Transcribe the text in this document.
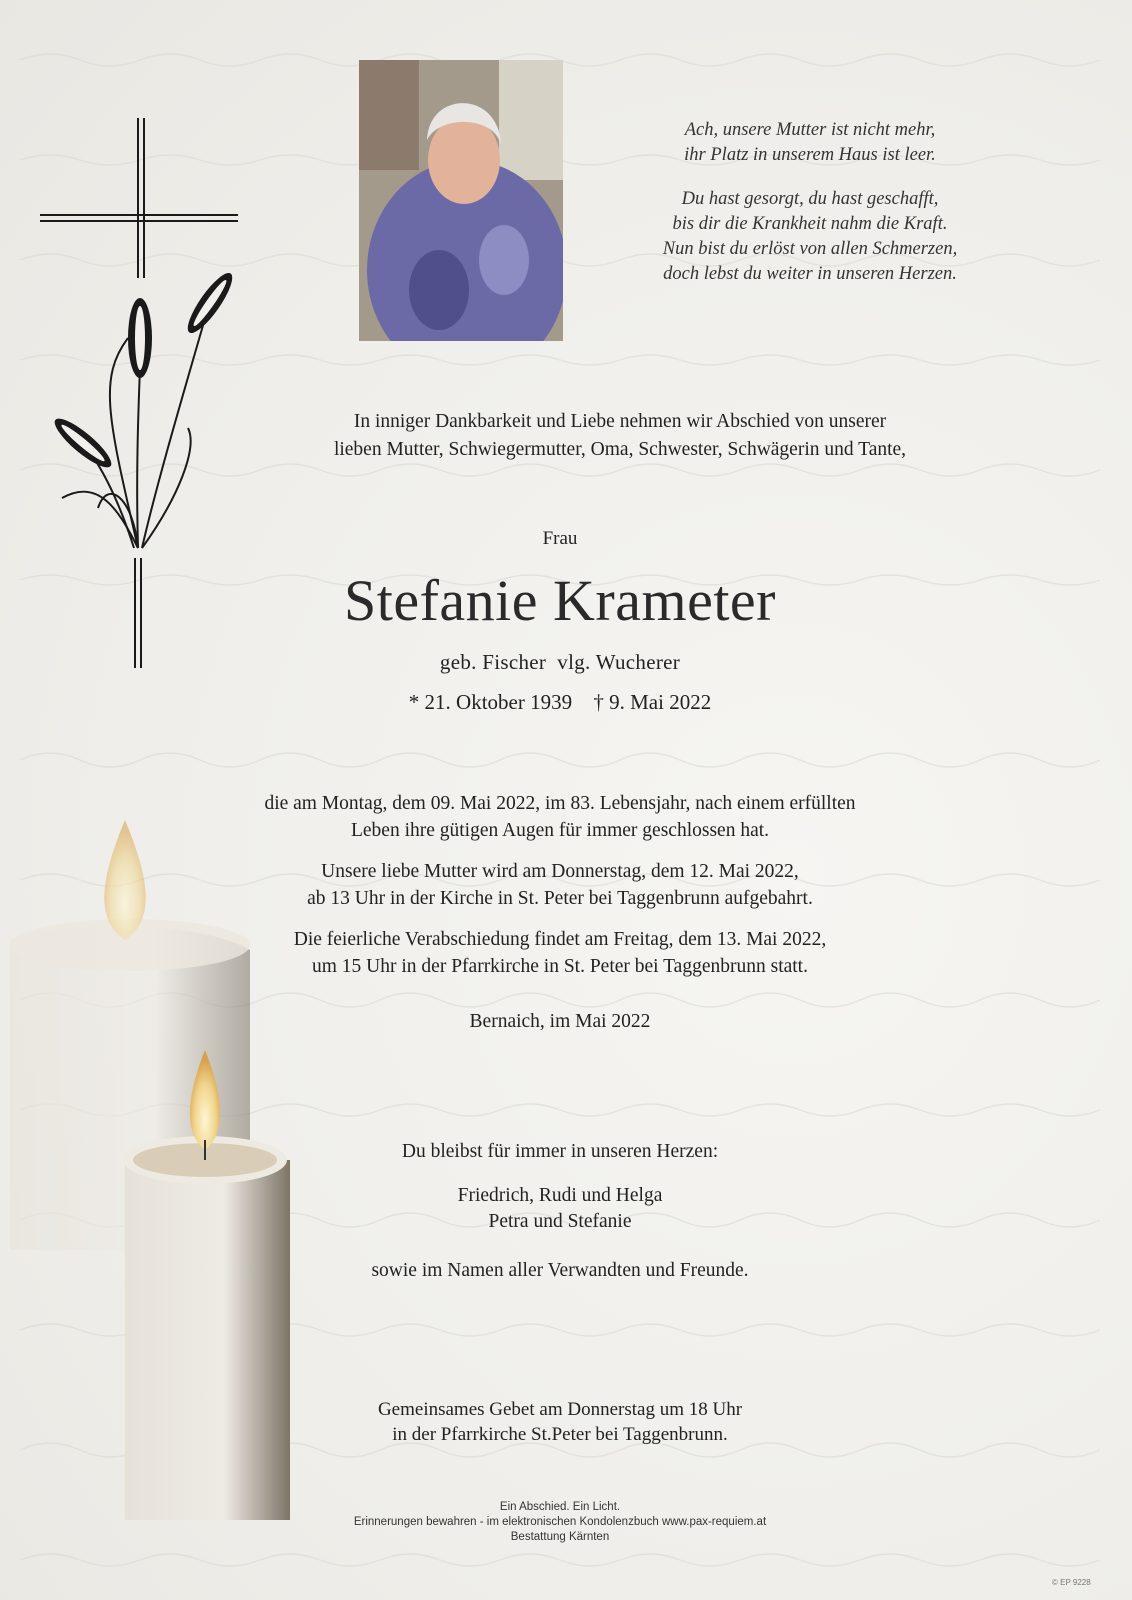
Ach, unsere Mutter ist nicht mehr,
ihr Platz in unserem Haus ist leer.

Du hast gesorgt, du hast geschafft,
bis dir die Krankheit nahm die Kraft.
Nun bist du erlöst von allen Schmerzen,
doch lebst du weiter in unseren Herzen.

In inniger Dankbarkeit und Liebe nehmen wir Abschied von unserer
lieben Mutter, Schwiegermutter, Oma, Schwester, Schwägerin und Tante,
Frau
Stefanie Krameter
geb. Fischer  vlg. Wucherer
* 21. Oktober 1939 † 9. Mai 2022

die am Montag, dem 09. Mai 2022, im 83. Lebensjahr, nach einem erfüllten
Leben ihre gütigen Augen für immer geschlossen hat.

Unsere liebe Mutter wird am Donnerstag, dem 12. Mai 2022,
ab 13 Uhr in der Kirche in St. Peter bei Taggenbrunn aufgebahrt.

Die feierliche Verabschiedung findet am Freitag, dem 13. Mai 2022,
um 15 Uhr in der Pfarrkirche in St. Peter bei Taggenbrunn statt.

Bernaich, im Mai 2022
Du bleibst für immer in unseren Herzen:
Friedrich, Rudi und Helga
Petra und Stefanie
sowie im Namen aller Verwandten und Freunde.
Gemeinsames Gebet am Donnerstag um 18 Uhr
in der Pfarrkirche St.Peter bei Taggenbrunn.
Ein Abschied. Ein Licht.
Erinnerungen bewahren - im elektronischen Kondolenzbuch www.pax-requiem.at
Bestattung Kärnten
© EP 9228
